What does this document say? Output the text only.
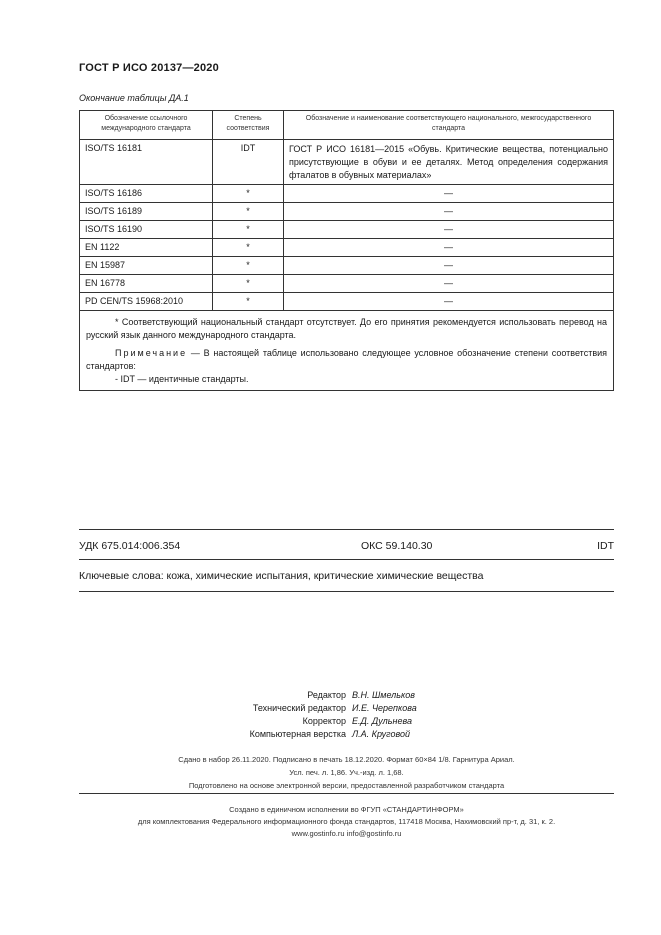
ГОСТ Р ИСО 20137—2020
Окончание таблицы ДА.1
Обозначение ссылочного международного стандарта	Степень соответствия	Обозначение и наименование соответствующего национального, межгосударственного стандарта
ISO/TS 16181	IDT	ГОСТ Р ИСО 16181—2015 «Обувь. Критические вещества, потенциально присутствующие в обуви и ее деталях. Метод определения содержания фталатов в обувных материалах»
ISO/TS 16186	*	—
ISO/TS 16189	*	—
ISO/TS 16190	*	—
EN 1122	*	—
EN 15987	*	—
EN 16778	*	—
PD CEN/TS 15968:2010	*	—

* Соответствующий национальный стандарт отсутствует. До его принятия рекомендуется использовать перевод на русский язык данного международного стандарта.

Примечание — В настоящей таблице использовано следующее условное обозначение степени соответствия стандартов:

- IDT — идентичные стандарты.		

УДК 675.014:006.354	ОКС 59.140.30	IDT
Ключевые слова: кожа, химические испытания, критические химические вещества
Редактор В.Н. Шмельков
Технический редактор И.Е. Черепкова
Корректор Е.Д. Дульнева
Компьютерная верстка Л.А. Круговой
Сдано в набор 26.11.2020. Подписано в печать 18.12.2020. Формат 60×84 1/8. Гарнитура Ариал.
Усл. печ. л. 1,86. Уч.-изд. л. 1,68.
Подготовлено на основе электронной версии, предоставленной разработчиком стандарта
Создано в единичном исполнении во ФГУП «СТАНДАРТИНФОРМ»
для комплектования Федерального информационного фонда стандартов, 117418 Москва, Нахимовский пр-т, д. 31, к. 2.
www.gostinfo.ru info@gostinfo.ru
